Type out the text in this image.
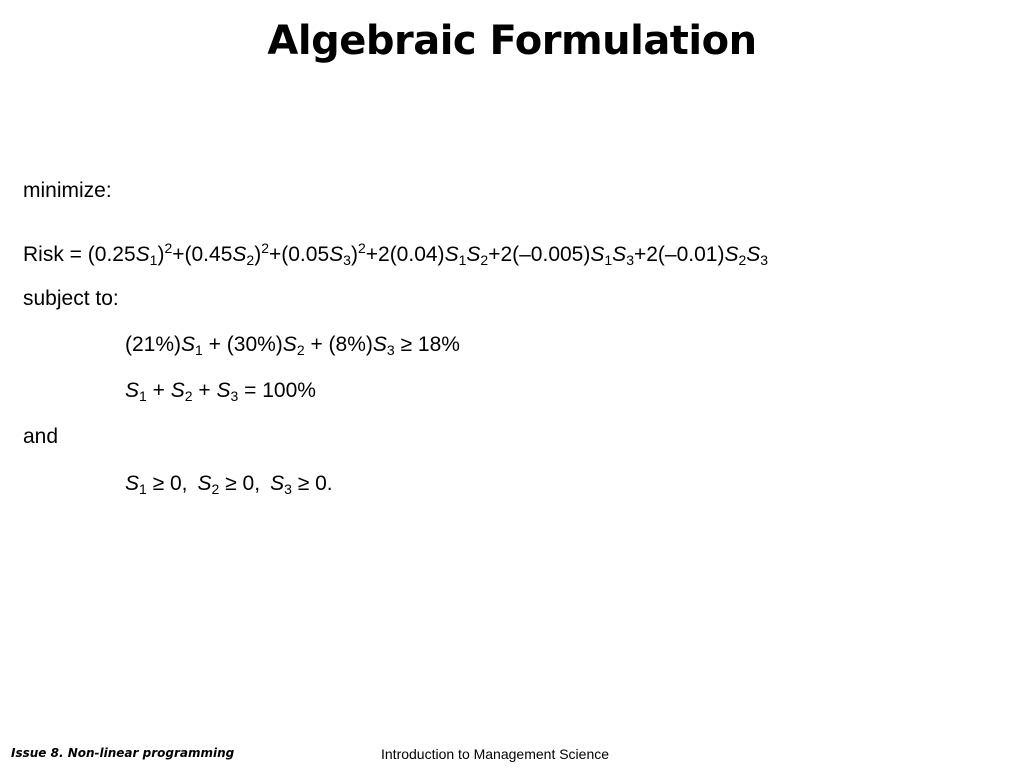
Algebraic Formulation
minimize:
Risk = $(0.25S_1)^2+(0.45S_2)^2+(0.05S_3)^2+2(0.04)S_1S_2+2(-0.005)S_1S_3+2(-0.01)S_2S_3$
subject to:
$(21\%)S_1 + (30\%)S_2 + (8\%)S_3 \ge 18\%$
$S_1 + S_2 + S_3 = 100\%$
and
$S_1 \ge 0$, $S_2 \ge 0$, $S_3 \ge 0$.
Issue 8. Non-linear programming	Introduction to Management Science
